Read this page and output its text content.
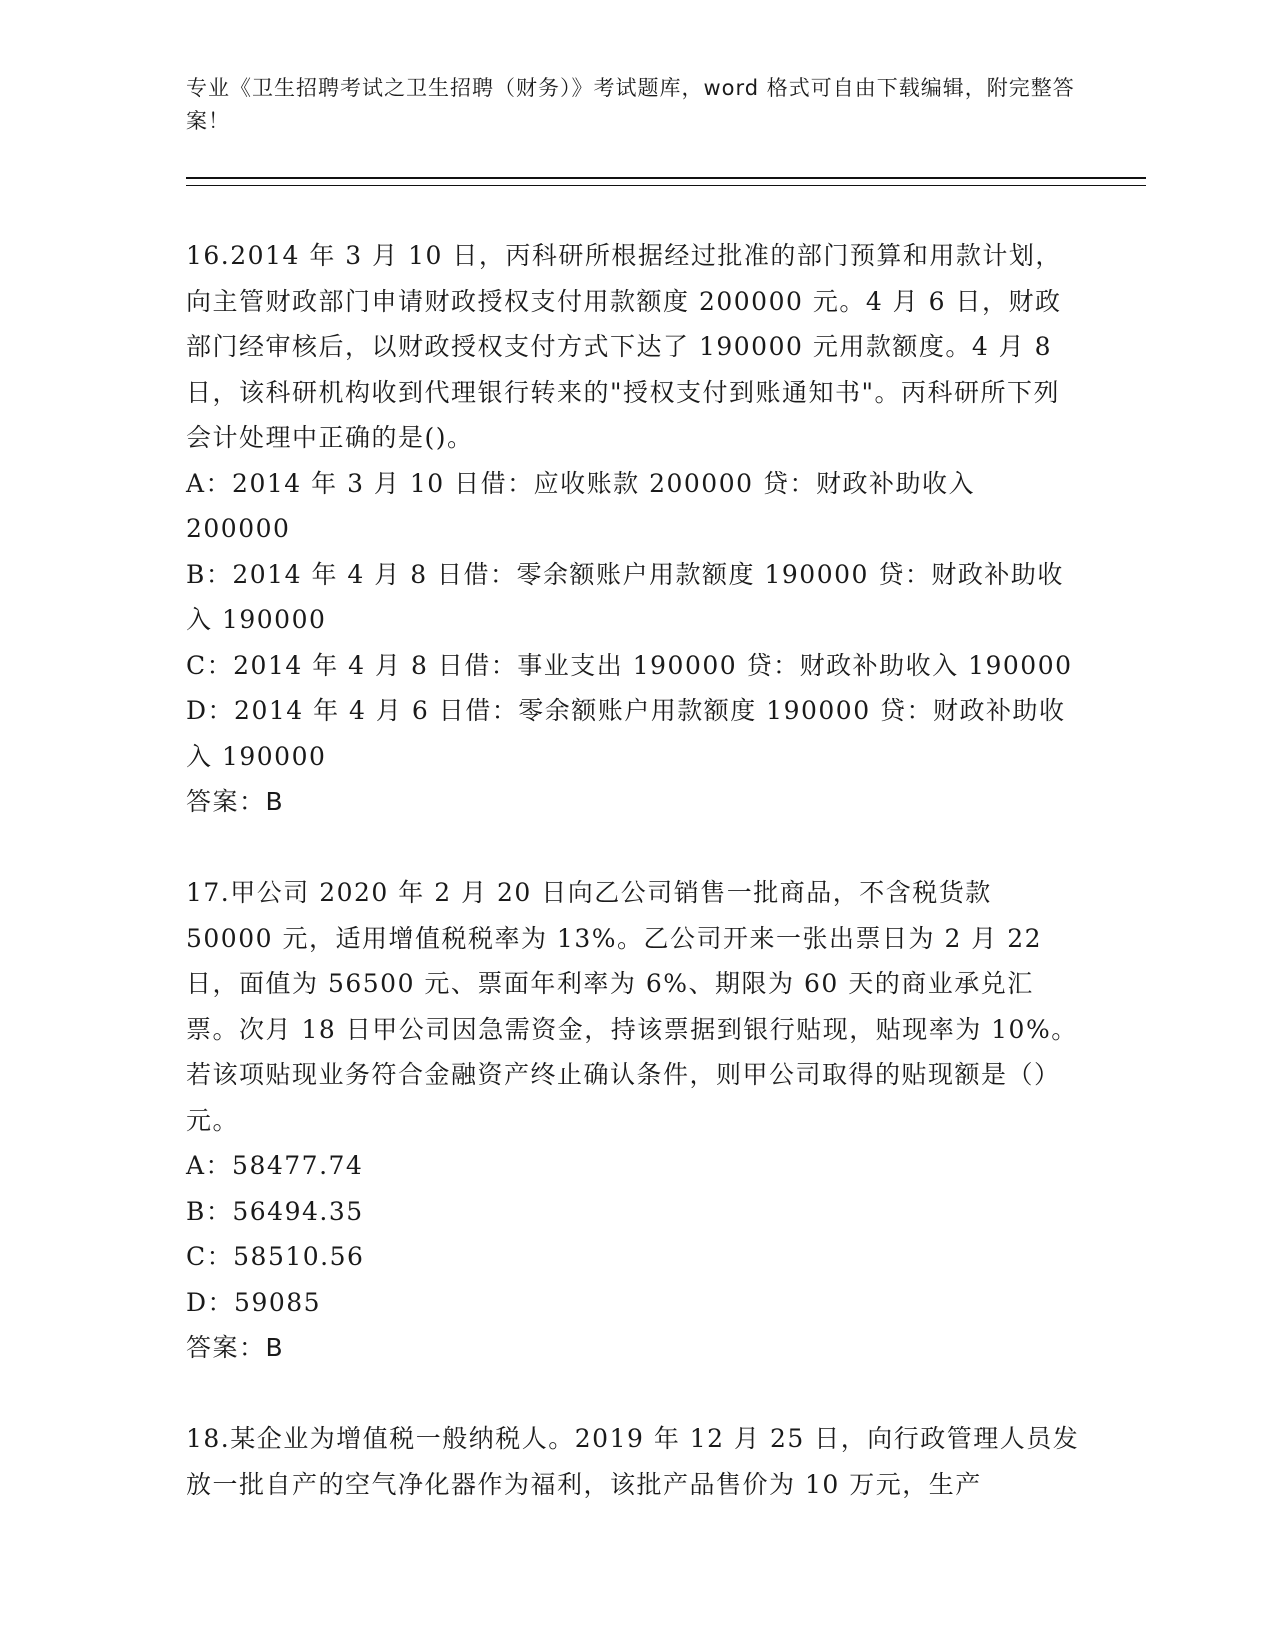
专业《卫生招聘考试之卫生招聘（财务）》考试题库，word 格式可自由下载编辑，附完整答案！
16.2014 年 3 月 10 日，丙科研所根据经过批准的部门预算和用款计划，向主管财政部门申请财政授权支付用款额度 200000 元。4 月 6 日，财政部门经审核后，以财政授权支付方式下达了 190000 元用款额度。4 月 8 日，该科研机构收到代理银行转来的"授权支付到账通知书"。丙科研所下列会计处理中正确的是()。
A：2014 年 3 月 10 日借：应收账款 200000 贷：财政补助收入 200000
B：2014 年 4 月 8 日借：零余额账户用款额度 190000 贷：财政补助收入 190000
C：2014 年 4 月 8 日借：事业支出 190000 贷：财政补助收入 190000
D：2014 年 4 月 6 日借：零余额账户用款额度 190000 贷：财政补助收入 190000
答案：B
17.甲公司 2020 年 2 月 20 日向乙公司销售一批商品，不含税货款 50000 元，适用增值税税率为 13%。乙公司开来一张出票日为 2 月 22 日，面值为 56500 元、票面年利率为 6%、期限为 60 天的商业承兑汇票。次月 18 日甲公司因急需资金，持该票据到银行贴现，贴现率为 10%。若该项贴现业务符合金融资产终止确认条件，则甲公司取得的贴现额是（）元。
A：58477.74
B：56494.35
C：58510.56
D：59085
答案：B
18.某企业为增值税一般纳税人。2019 年 12 月 25 日，向行政管理人员发放一批自产的空气净化器作为福利，该批产品售价为 10 万元，生产
